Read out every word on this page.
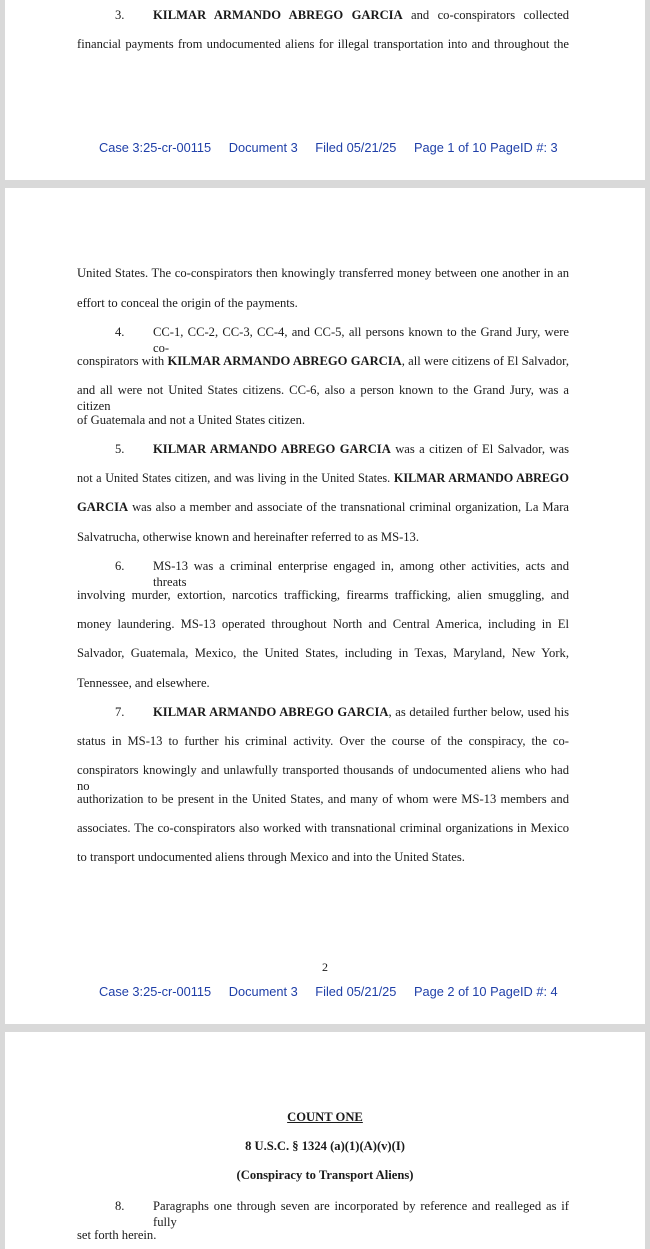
3. KILMAR ARMANDO ABREGO GARCIA and co-conspirators collected
financial payments from undocumented aliens for illegal transportation into and throughout the
Case 3:25-cr-00115 Document 3 Filed 05/21/25 Page 1 of 10 PageID #: 3
United States. The co-conspirators then knowingly transferred money between one another in an
effort to conceal the origin of the payments.
4. CC-1, CC-2, CC-3, CC-4, and CC-5, all persons known to the Grand Jury, were co-
conspirators with KILMAR ARMANDO ABREGO GARCIA, all were citizens of El Salvador,
and all were not United States citizens. CC-6, also a person known to the Grand Jury, was a citizen
of Guatemala and not a United States citizen.
5. KILMAR ARMANDO ABREGO GARCIA was a citizen of El Salvador, was
not a United States citizen, and was living in the United States. KILMAR ARMANDO ABREGO
GARCIA was also a member and associate of the transnational criminal organization, La Mara
Salvatrucha, otherwise known and hereinafter referred to as MS-13.
6. MS-13 was a criminal enterprise engaged in, among other activities, acts and threats
involving murder, extortion, narcotics trafficking, firearms trafficking, alien smuggling, and
money laundering. MS-13 operated throughout North and Central America, including in El
Salvador, Guatemala, Mexico, the United States, including in Texas, Maryland, New York,
Tennessee, and elsewhere.
7. KILMAR ARMANDO ABREGO GARCIA, as detailed further below, used his
status in MS-13 to further his criminal activity. Over the course of the conspiracy, the co-
conspirators knowingly and unlawfully transported thousands of undocumented aliens who had no
authorization to be present in the United States, and many of whom were MS-13 members and
associates. The co-conspirators also worked with transnational criminal organizations in Mexico
to transport undocumented aliens through Mexico and into the United States.
2
Case 3:25-cr-00115 Document 3 Filed 05/21/25 Page 2 of 10 PageID #: 4
COUNT ONE
8 U.S.C. § 1324 (a)(1)(A)(v)(I)
(Conspiracy to Transport Aliens)
8. Paragraphs one through seven are incorporated by reference and realleged as if fully
set forth herein.
